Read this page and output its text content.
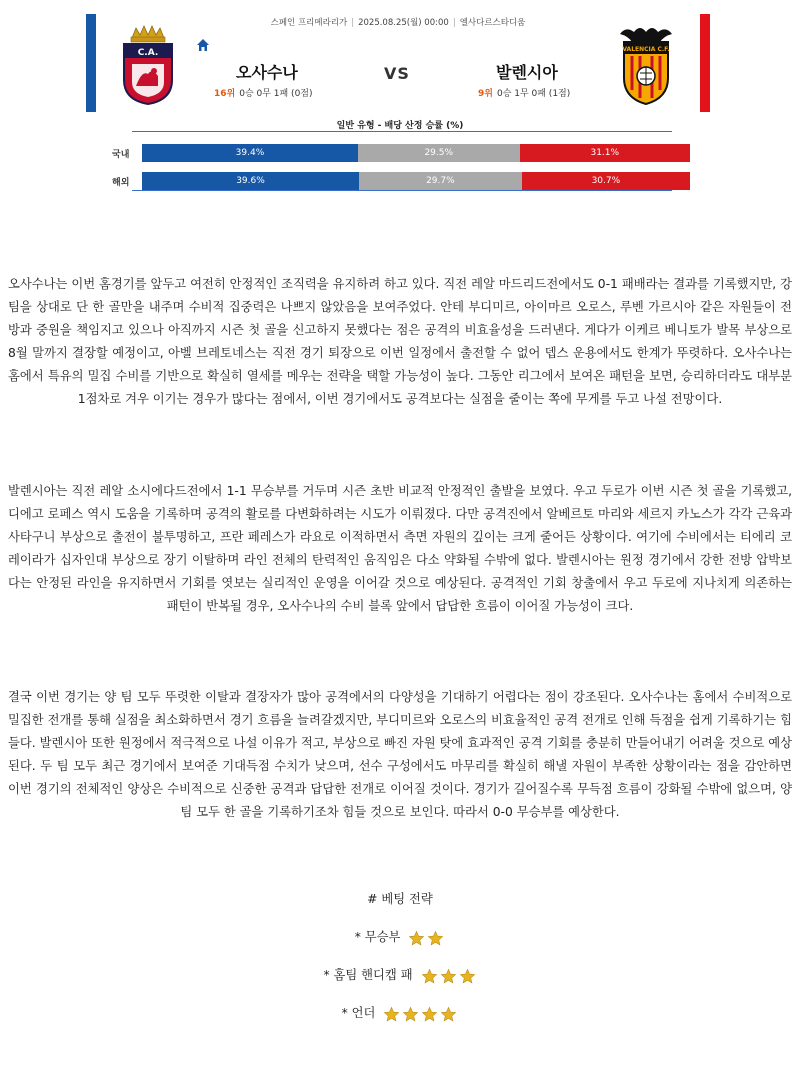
스페인 프리메라리가 | 2025.08.25(월) 00:00 | 엘사다르스타디움
C.A.
오사수나	VS	발렌시아
16위 0승 0무 1패 (0점)	9위 0승 1무 0패 (1점)
VALENCIA C.F.
일반 유형 - 배당 산정 승률 (%)
국내	39.4%	29.5%	31.1%
해외	39.6%	29.7%	30.7%

오사수나는 이번 홈경기를 앞두고 여전히 안정적인 조직력을 유지하려 하고 있다. 직전 레알 마드리드전에서도 0-1 패배라는 결과를 기록했지만, 강팀을 상대로 단 한 골만을 내주며 수비적 집중력은 나쁘지 않았음을 보여주었다. 안테 부디미르, 아이마르 오로스, 루벤 가르시아 같은 자원들이 전방과 중원을 책임지고 있으나 아직까지 시즌 첫 골을 신고하지 못했다는 점은 공격의 비효율성을 드러낸다. 게다가 이케르 베니토가 발목 부상으로 8월 말까지 결장할 예정이고, 아벨 브레토네스는 직전 경기 퇴장으로 이번 일정에서 출전할 수 없어 뎁스 운용에서도 한계가 뚜렷하다. 오사수나는 홈에서 특유의 밀집 수비를 기반으로 확실히 열세를 메우는 전략을 택할 가능성이 높다. 그동안 리그에서 보여온 패턴을 보면, 승리하더라도 대부분 1점차로 겨우 이기는 경우가 많다는 점에서, 이번 경기에서도 공격보다는 실점을 줄이는 쪽에 무게를 두고 나설 전망이다.

발렌시아는 직전 레알 소시에다드전에서 1-1 무승부를 거두며 시즌 초반 비교적 안정적인 출발을 보였다. 우고 두로가 이번 시즌 첫 골을 기록했고, 디에고 로페스 역시 도움을 기록하며 공격의 활로를 다변화하려는 시도가 이뤄졌다. 다만 공격진에서 알베르토 마리와 세르지 카노스가 각각 근육과 사타구니 부상으로 출전이 불투명하고, 프란 페레스가 라요로 이적하면서 측면 자원의 깊이는 크게 줄어든 상황이다. 여기에 수비에서는 티에리 코레이라가 십자인대 부상으로 장기 이탈하며 라인 전체의 탄력적인 움직임은 다소 약화될 수밖에 없다. 발렌시아는 원정 경기에서 강한 전방 압박보다는 안정된 라인을 유지하면서 기회를 엿보는 실리적인 운영을 이어갈 것으로 예상된다. 공격적인 기회 창출에서 우고 두로에 지나치게 의존하는 패턴이 반복될 경우, 오사수나의 수비 블록 앞에서 답답한 흐름이 이어질 가능성이 크다.

결국 이번 경기는 양 팀 모두 뚜렷한 이탈과 결장자가 많아 공격에서의 다양성을 기대하기 어렵다는 점이 강조된다. 오사수나는 홈에서 수비적으로 밀집한 전개를 통해 실점을 최소화하면서 경기 흐름을 늘려갈겠지만, 부디미르와 오로스의 비효율적인 공격 전개로 인해 득점을 쉽게 기록하기는 힘들다. 발렌시아 또한 원정에서 적극적으로 나설 이유가 적고, 부상으로 빠진 자원 탓에 효과적인 공격 기회를 충분히 만들어내기 어려울 것으로 예상된다. 두 팀 모두 최근 경기에서 보여준 기대득점 수치가 낮으며, 선수 구성에서도 마무리를 확실히 해낼 자원이 부족한 상황이라는 점을 감안하면 이번 경기의 전체적인 양상은 수비적으로 신중한 공격과 답답한 전개로 이어질 것이다. 경기가 길어질수록 무득점 흐름이 강화될 수밖에 없으며, 양 팀 모두 한 골을 기록하기조차 힘들 것으로 보인다. 따라서 0-0 무승부를 예상한다.

# 베팅 전략
* 무승부
* 홈팀 핸디캡 패
* 언더
